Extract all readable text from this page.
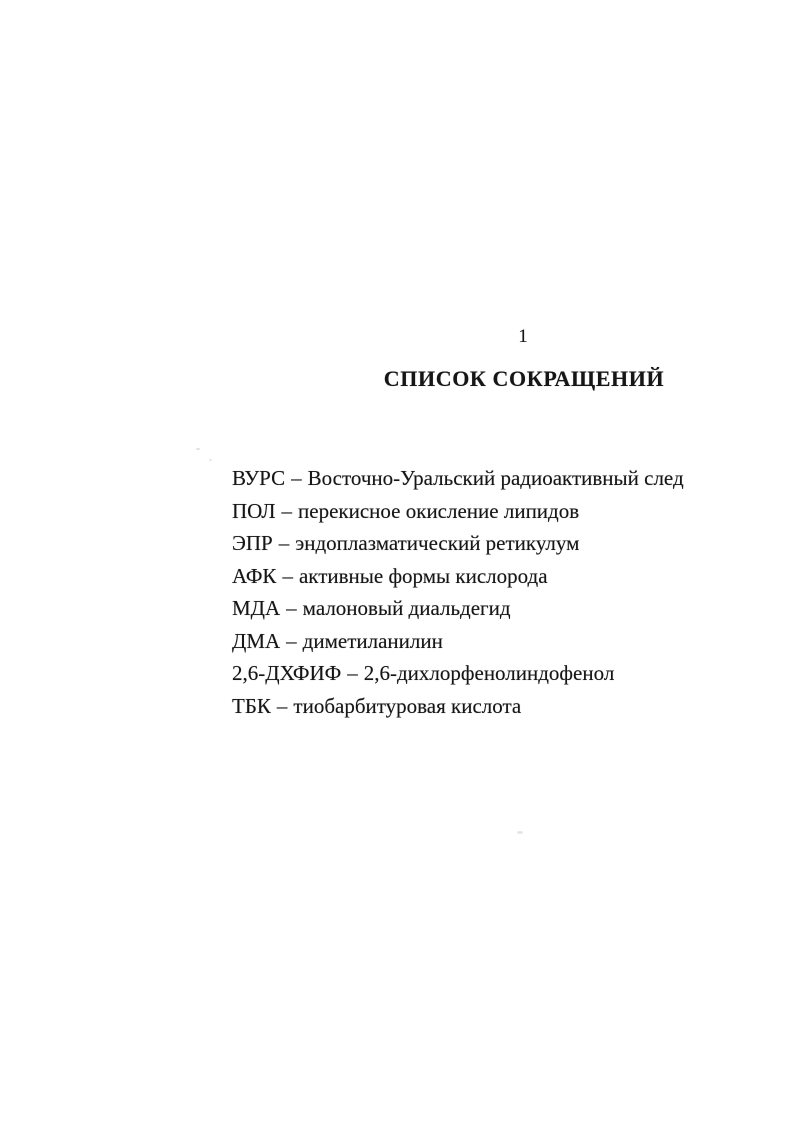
1
СПИСОК СОКРАЩЕНИЙ
ВУРС – Восточно-Уральский радиоактивный след
ПОЛ – перекисное окисление липидов
ЭПР – эндоплазматический ретикулум
АФК – активные формы кислорода
МДА – малоновый диальдегид
ДМА – диметиланилин
2,6-ДХФИФ – 2,6-дихлорфенолиндофенол
ТБК – тиобарбитуровая кислота
